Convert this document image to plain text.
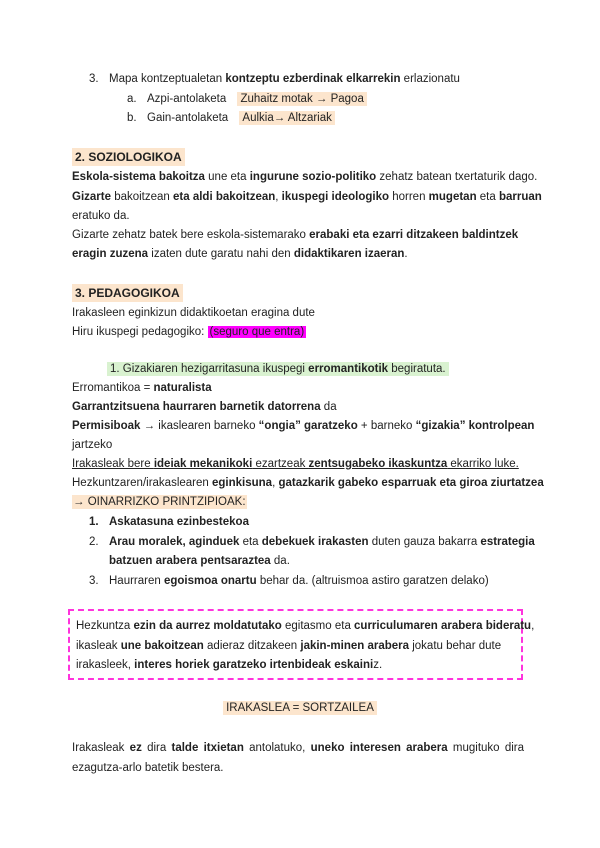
3. Mapa kontzeptualetan kontzeptu ezberdinak elkarrekin erlazionatu
a. Azpi-antolaketa Zuhaitz motak → Pagoa
b. Gain-antolaketa Aulkia→ Altzariak
2. SOZIOLOGIKOA
Eskola-sistema bakoitza une eta ingurune sozio-politiko zehatz batean txertaturik dago.
Gizarte bakoitzean eta aldi bakoitzean, ikuspegi ideologiko horren mugetan eta barruan
eratuko da.
Gizarte zehatz batek bere eskola-sistemarako erabaki eta ezarri ditzakeen baldintzek
eragin zuzena izaten dute garatu nahi den didaktikaren izaeran.
3. PEDAGOGIKOA
Irakasleen eginkizun didaktikoetan eragina dute
Hiru ikuspegi pedagogiko: (seguro que entra)
1. Gizakiaren hezigarritasuna ikuspegi erromantikotik begiratuta.
Erromantikoa = naturalista
Garrantzitsuena haurraren barnetik datorrena da
Permisiboak → ikaslearen barneko “ongia” garatzeko + barneko “gizakia” kontrolpean
jartzeko
Irakasleak bere ideiak mekanikoki ezartzeak zentsugabeko ikaskuntza ekarriko luke.
Hezkuntzaren/irakaslearen eginkisuna, gatazkarik gabeko esparruak eta giroa ziurtatzea
→ OINARRIZKO PRINTZIPIOAK:
1. Askatasuna ezinbestekoa
2. Arau moralek, aginduek eta debekuek irakasten duten gauza bakarra estrategia
batzuen arabera pentsaraztea da.
3. Haurraren egoismoa onartu behar da. (altruismoa astiro garatzen delako)
Hezkuntza ezin da aurrez moldatutako egitasmo eta curriculumaren arabera bideratu,
ikasleak une bakoitzean adieraz ditzakeen jakin-minen arabera jokatu behar dute
irakasleek, interes horiek garatzeko irtenbideak eskainiz.
IRAKASLEA = SORTZAILEA
Irakasleak ez dira talde itxietan antolatuko, uneko interesen arabera mugituko dira
ezagutza-arlo batetik bestera.
